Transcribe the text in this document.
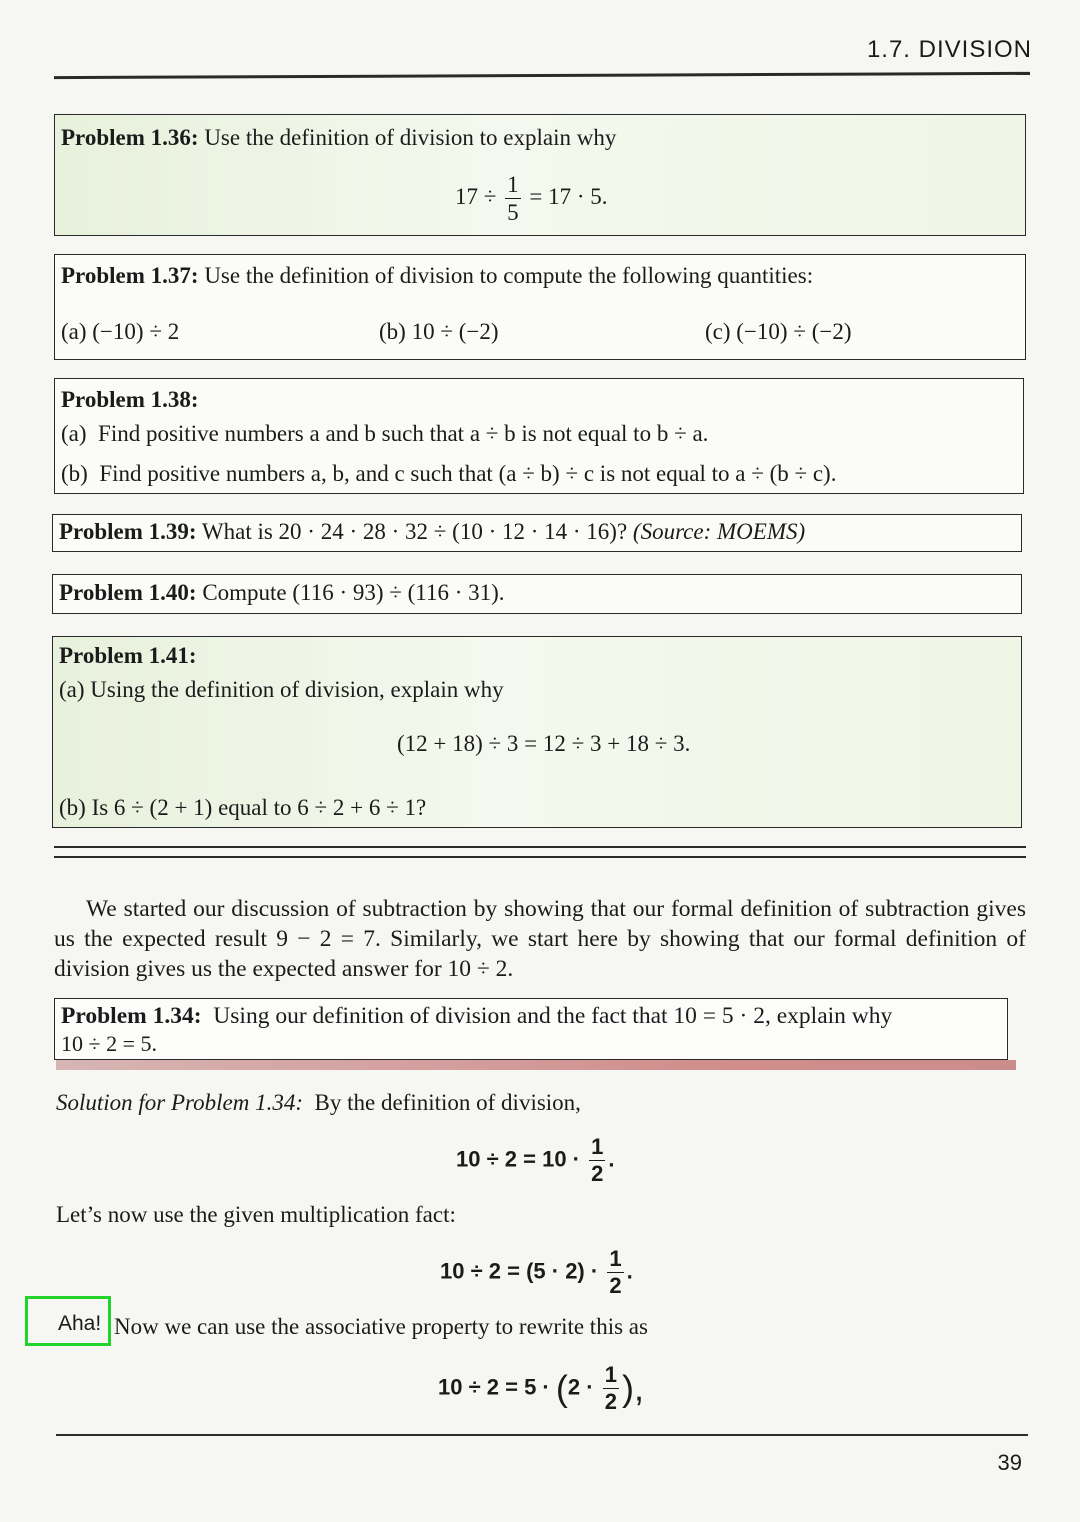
1.7. DIVISION
Problem 1.36: Use the definition of division to explain why
$17 \div \frac{1}{5} = 17 \cdot 5$.
Problem 1.37: Use the definition of division to compute the following quantities:
(a) (−10) ÷ 2	(b) 10 ÷ (−2)	(c) (−10) ÷ (−2)
Problem 1.38:
(a) Find positive numbers a and b such that a ÷ b is not equal to b ÷ a.
(b) Find positive numbers a, b, and c such that (a ÷ b) ÷ c is not equal to a ÷ (b ÷ c).
Problem 1.39: What is 20 · 24 · 28 · 32 ÷ (10 · 12 · 14 · 16)? (Source: MOEMS)
Problem 1.40: Compute (116 · 93) ÷ (116 · 31).
Problem 1.41:
(a) Using the definition of division, explain why
(12 + 18) ÷ 3 = 12 ÷ 3 + 18 ÷ 3.
(b) Is 6 ÷ (2 + 1) equal to 6 ÷ 2 + 6 ÷ 1?
We started our discussion of subtraction by showing that our formal definition of subtraction gives us the expected result 9 − 2 = 7. Similarly, we start here by showing that our formal definition of division gives us the expected answer for 10 ÷ 2.
Problem 1.34: Using our definition of division and the fact that 10 = 5 · 2, explain why
10 ÷ 2 = 5.
Solution for Problem 1.34: By the definition of division,
$10 \div 2 = 10 \cdot \frac{1}{2}$ .
Let’s now use the given multiplication fact:
$10 \div 2 = (5 \cdot 2) \cdot \frac{1}{2}$ .
Aha! Now we can use the associative property to rewrite this as
$10 \div 2 = 5 \cdot (2 \cdot \frac{1}{2}$ ),
39
